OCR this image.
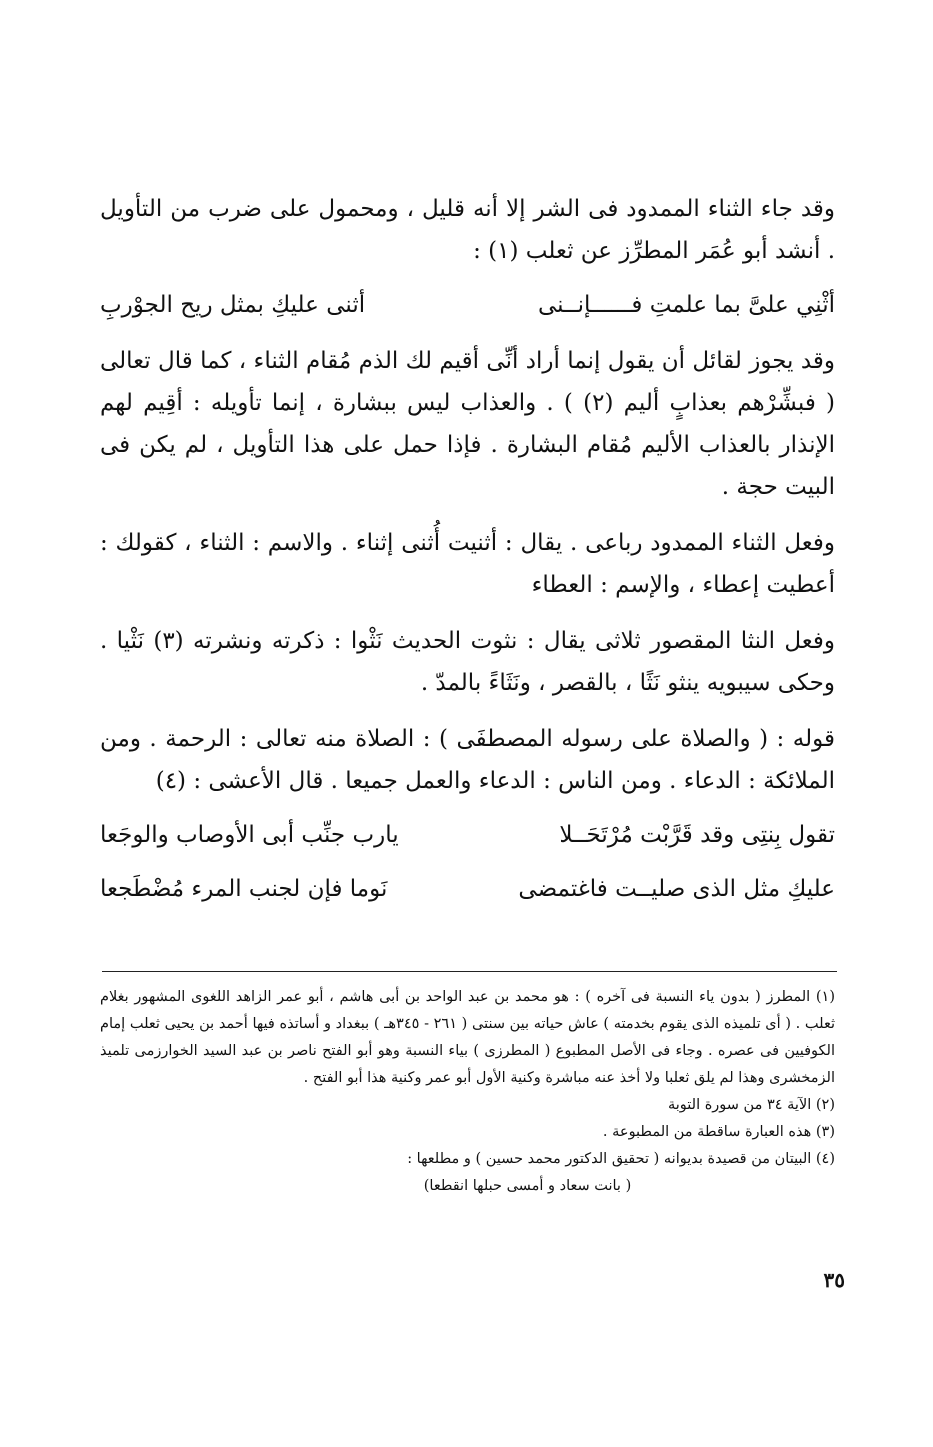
وقد جاء الثناء الممدود فى الشر إلا أنه قليل ، ومحمول على ضرب من التأويل . أنشد أبو عُمَر المطرِّز عن ثعلب (١) :

أثْنِي علىَّ بما علمتِ فــــــإنــنى
أثنى عليكِ بمثل ريح الجوْربِ

وقد يجوز لقائل أن يقول إنما أراد أنِّى أقيم لك الذم مُقام الثناء ، كما قال تعالى ( فبشِّرْهم بعذابٍ أليم (٢) ) . والعذاب ليس ببشارة ، إنما تأويله : أقِيم لهم الإنذار بالعذاب الأليم مُقام البشارة . فإذا حمل على هذا التأويل ، لم يكن فى البيت حجة .

وفعل الثناء الممدود رباعى . يقال : أثنيت أُثنى إثناء . والاسم : الثناء ، كقولك : أعطيت إعطاء ، والإسم : العطاء

وفعل النثا المقصور ثلاثى يقال : نثوت الحديث نَثْوا : ذكرته ونشرته (٣) نَثْيا . وحكى سيبويه ينثو نَثًا ، بالقصر ، ونَثَاءً بالمدّ .

قوله : ( والصلاة على رسوله المصطفَى ) : الصلاة منه تعالى : الرحمة . ومن الملائكة : الدعاء . ومن الناس : الدعاء والعمل جميعا . قال الأعشى : (٤)

تقول بِنتِى وقد قَرَّبْت مُرْتَحَــلا
يارب جنِّب أبى الأوصاب والوجَعا
عليكِ مثل الذى صليــت فاغتمضى
نَوما فإن لجنب المرء مُضْطَجعا

(١) المطرز ( بدون ياء النسبة فى آخره ) : هو محمد بن عبد الواحد بن أبى هاشم ، أبو عمر الزاهد اللغوى المشهور بغلام ثعلب . ( أى تلميذه الذى يقوم بخدمته ) عاش حياته بين سنتى ( ٢٦١ - ٣٤٥هـ ) ببغداد و أساتذه فيها أحمد بن يحيى ثعلب إمام الكوفيين فى عصره . وجاء فى الأصل المطبوع ( المطرزى ) بياء النسبة وهو أبو الفتح ناصر بن عبد السيد الخوارزمى تلميذ الزمخشرى وهذا لم يلق ثعلبا ولا أخذ عنه مباشرة وكنية الأول أبو عمر وكنية هذا أبو الفتح .

(٢) الآية ٣٤ من سورة التوبة

(٣) هذه العبارة ساقطة من المطبوعة .

(٤) البيتان من قصيدة بديوانه ( تحقيق الدكتور محمد حسين ) و مطلعها :

( بانت سعاد و أمسى حبلها انقطعا)

٣٥
